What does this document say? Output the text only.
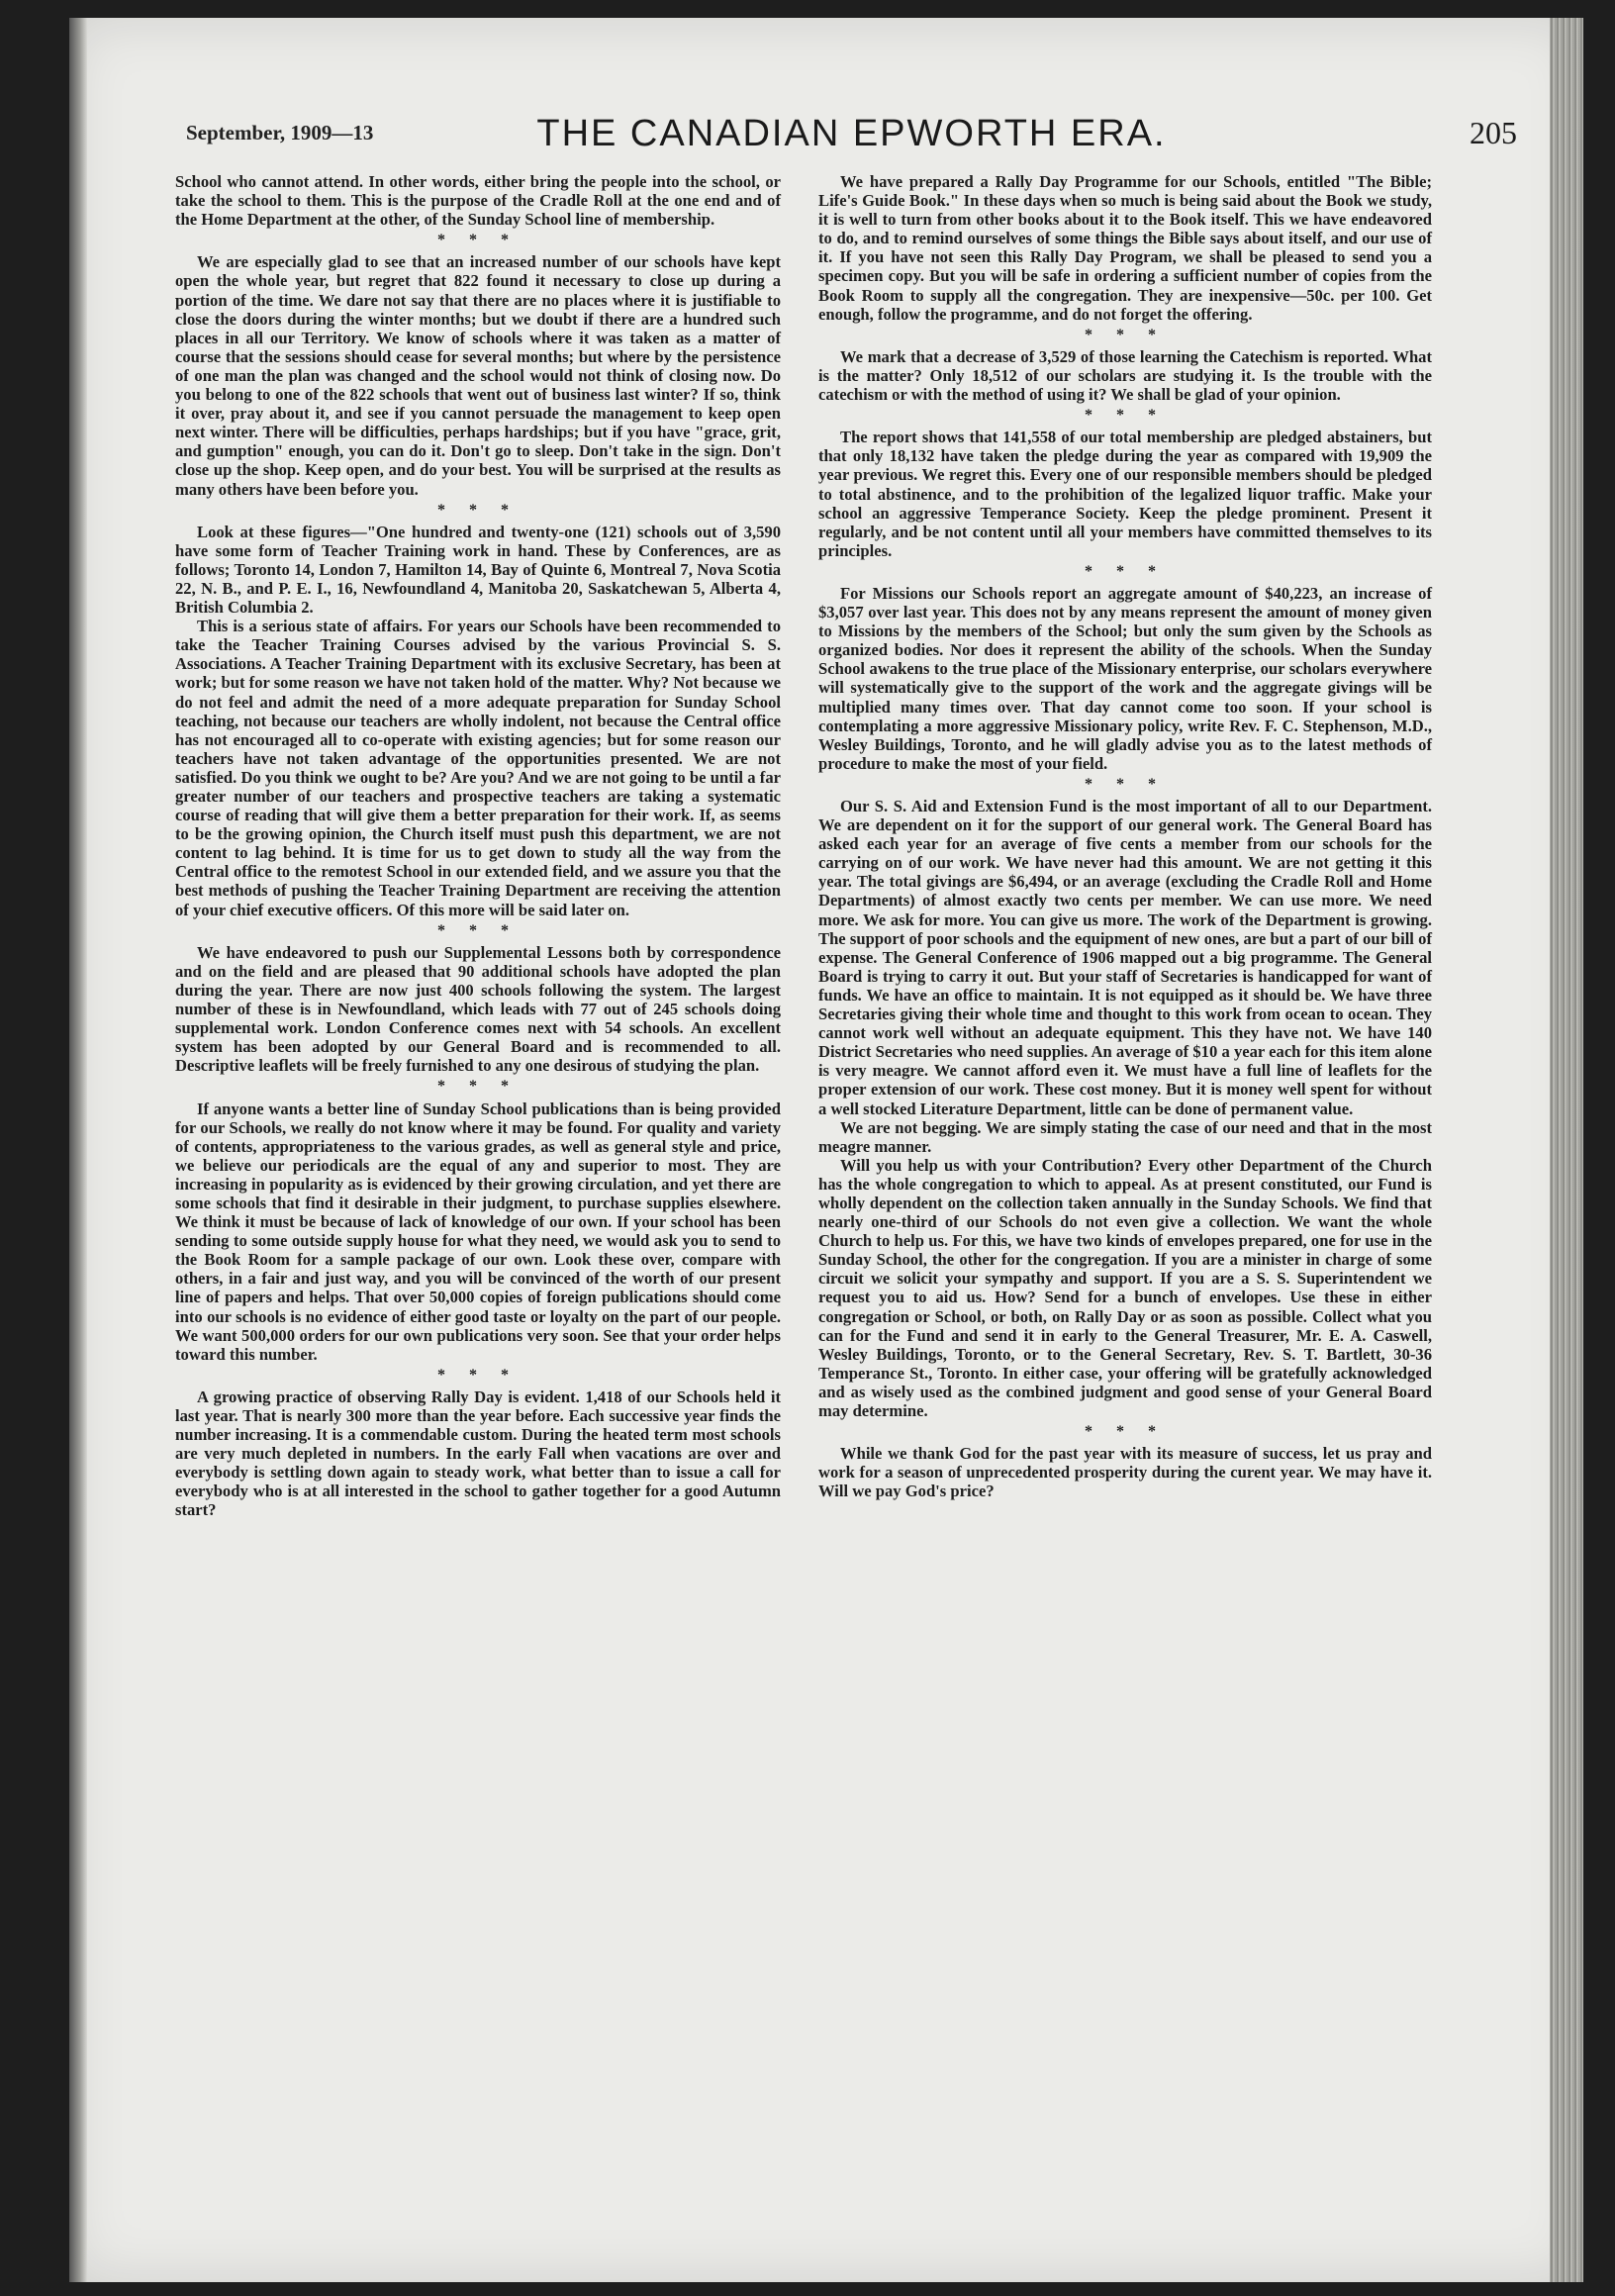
September, 1909—13	THE CANADIAN EPWORTH ERA.	205

School who cannot attend. In other words, either bring the people into the school, or take the school to them. This is the purpose of the Cradle Roll at the one end and of the Home Department at the other, of the Sunday School line of membership.

* * *

We are especially glad to see that an increased number of our schools have kept open the whole year, but regret that 822 found it necessary to close up during a portion of the time. We dare not say that there are no places where it is justifiable to close the doors during the winter months; but we doubt if there are a hundred such places in all our Territory. We know of schools where it was taken as a matter of course that the sessions should cease for several months; but where by the persistence of one man the plan was changed and the school would not think of closing now. Do you belong to one of the 822 schools that went out of business last winter? If so, think it over, pray about it, and see if you cannot persuade the management to keep open next winter. There will be difficulties, perhaps hardships; but if you have "grace, grit, and gumption" enough, you can do it. Don't go to sleep. Don't take in the sign. Don't close up the shop. Keep open, and do your best. You will be surprised at the results as many others have been before you.

* * *

Look at these figures—"One hundred and twenty-one (121) schools out of 3,590 have some form of Teacher Training work in hand. These by Conferences, are as follows; Toronto 14, London 7, Hamilton 14, Bay of Quinte 6, Montreal 7, Nova Scotia 22, N. B., and P. E. I., 16, Newfoundland 4, Manitoba 20, Saskatchewan 5, Alberta 4, British Columbia 2.

This is a serious state of affairs. For years our Schools have been recommended to take the Teacher Training Courses advised by the various Provincial S. S. Associations. A Teacher Training Department with its exclusive Secretary, has been at work; but for some reason we have not taken hold of the matter. Why? Not because we do not feel and admit the need of a more adequate preparation for Sunday School teaching, not because our teachers are wholly indolent, not because the Central office has not encouraged all to co-operate with existing agencies; but for some reason our teachers have not taken advantage of the opportunities presented. We are not satisfied. Do you think we ought to be? Are you? And we are not going to be until a far greater number of our teachers and prospective teachers are taking a systematic course of reading that will give them a better preparation for their work. If, as seems to be the growing opinion, the Church itself must push this department, we are not content to lag behind. It is time for us to get down to study all the way from the Central office to the remotest School in our extended field, and we assure you that the best methods of pushing the Teacher Training Department are receiving the attention of your chief executive officers. Of this more will be said later on.

* * *

We have endeavored to push our Supplemental Lessons both by correspondence and on the field and are pleased that 90 additional schools have adopted the plan during the year. There are now just 400 schools following the system. The largest number of these is in Newfoundland, which leads with 77 out of 245 schools doing supplemental work. London Conference comes next with 54 schools. An excellent system has been adopted by our General Board and is recommended to all. Descriptive leaflets will be freely furnished to any one desirous of studying the plan.

* * *

If anyone wants a better line of Sunday School publications than is being provided for our Schools, we really do not know where it may be found. For quality and variety of contents, appropriateness to the various grades, as well as general style and price, we believe our periodicals are the equal of any and superior to most. They are increasing in popularity as is evidenced by their growing circulation, and yet there are some schools that find it desirable in their judgment, to purchase supplies elsewhere. We think it must be because of lack of knowledge of our own. If your school has been sending to some outside supply house for what they need, we would ask you to send to the Book Room for a sample package of our own. Look these over, compare with others, in a fair and just way, and you will be convinced of the worth of our present line of papers and helps. That over 50,000 copies of foreign publications should come into our schools is no evidence of either good taste or loyalty on the part of our people. We want 500,000 orders for our own publications very soon. See that your order helps toward this number.

* * *

A growing practice of observing Rally Day is evident. 1,418 of our Schools held it last year. That is nearly 300 more than the year before. Each successive year finds the number increasing. It is a commendable custom. During the heated term most schools are very much depleted in numbers. In the early Fall when vacations are over and everybody is settling down again to steady work, what better than to issue a call for everybody who is at all interested in the school to gather together for a good Autumn start?

We have prepared a Rally Day Programme for our Schools, entitled "The Bible; Life's Guide Book." In these days when so much is being said about the Book we study, it is well to turn from other books about it to the Book itself. This we have endeavored to do, and to remind ourselves of some things the Bible says about itself, and our use of it. If you have not seen this Rally Day Program, we shall be pleased to send you a specimen copy. But you will be safe in ordering a sufficient number of copies from the Book Room to supply all the congregation. They are inexpensive—50c. per 100. Get enough, follow the programme, and do not forget the offering.

* * *

We mark that a decrease of 3,529 of those learning the Catechism is reported. What is the matter? Only 18,512 of our scholars are studying it. Is the trouble with the catechism or with the method of using it? We shall be glad of your opinion.

* * *

The report shows that 141,558 of our total membership are pledged abstainers, but that only 18,132 have taken the pledge during the year as compared with 19,909 the year previous. We regret this. Every one of our responsible members should be pledged to total abstinence, and to the prohibition of the legalized liquor traffic. Make your school an aggressive Temperance Society. Keep the pledge prominent. Present it regularly, and be not content until all your members have committed themselves to its principles.

* * *

For Missions our Schools report an aggregate amount of $40,223, an increase of $3,057 over last year. This does not by any means represent the amount of money given to Missions by the members of the School; but only the sum given by the Schools as organized bodies. Nor does it represent the ability of the schools. When the Sunday School awakens to the true place of the Missionary enterprise, our scholars everywhere will systematically give to the support of the work and the aggregate givings will be multiplied many times over. That day cannot come too soon. If your school is contemplating a more aggressive Missionary policy, write Rev. F. C. Stephenson, M.D., Wesley Buildings, Toronto, and he will gladly advise you as to the latest methods of procedure to make the most of your field.

* * *

Our S. S. Aid and Extension Fund is the most important of all to our Department. We are dependent on it for the support of our general work. The General Board has asked each year for an average of five cents a member from our schools for the carrying on of our work. We have never had this amount. We are not getting it this year. The total givings are $6,494, or an average (excluding the Cradle Roll and Home Departments) of almost exactly two cents per member. We can use more. We need more. We ask for more. You can give us more. The work of the Department is growing. The support of poor schools and the equipment of new ones, are but a part of our bill of expense. The General Conference of 1906 mapped out a big programme. The General Board is trying to carry it out. But your staff of Secretaries is handicapped for want of funds. We have an office to maintain. It is not equipped as it should be. We have three Secretaries giving their whole time and thought to this work from ocean to ocean. They cannot work well without an adequate equipment. This they have not. We have 140 District Secretaries who need supplies. An average of $10 a year each for this item alone is very meagre. We cannot afford even it. We must have a full line of leaflets for the proper extension of our work. These cost money. But it is money well spent for without a well stocked Literature Department, little can be done of permanent value.

We are not begging. We are simply stating the case of our need and that in the most meagre manner.

Will you help us with your Contribution? Every other Department of the Church has the whole congregation to which to appeal. As at present constituted, our Fund is wholly dependent on the collection taken annually in the Sunday Schools. We find that nearly one-third of our Schools do not even give a collection. We want the whole Church to help us. For this, we have two kinds of envelopes prepared, one for use in the Sunday School, the other for the congregation. If you are a minister in charge of some circuit we solicit your sympathy and support. If you are a S. S. Superintendent we request you to aid us. How? Send for a bunch of envelopes. Use these in either congregation or School, or both, on Rally Day or as soon as possible. Collect what you can for the Fund and send it in early to the General Treasurer, Mr. E. A. Caswell, Wesley Buildings, Toronto, or to the General Secretary, Rev. S. T. Bartlett, 30-36 Temperance St., Toronto. In either case, your offering will be gratefully acknowledged and as wisely used as the combined judgment and good sense of your General Board may determine.

* * *

While we thank God for the past year with its measure of success, let us pray and work for a season of unprecedented prosperity during the curent year. We may have it. Will we pay God's price?
